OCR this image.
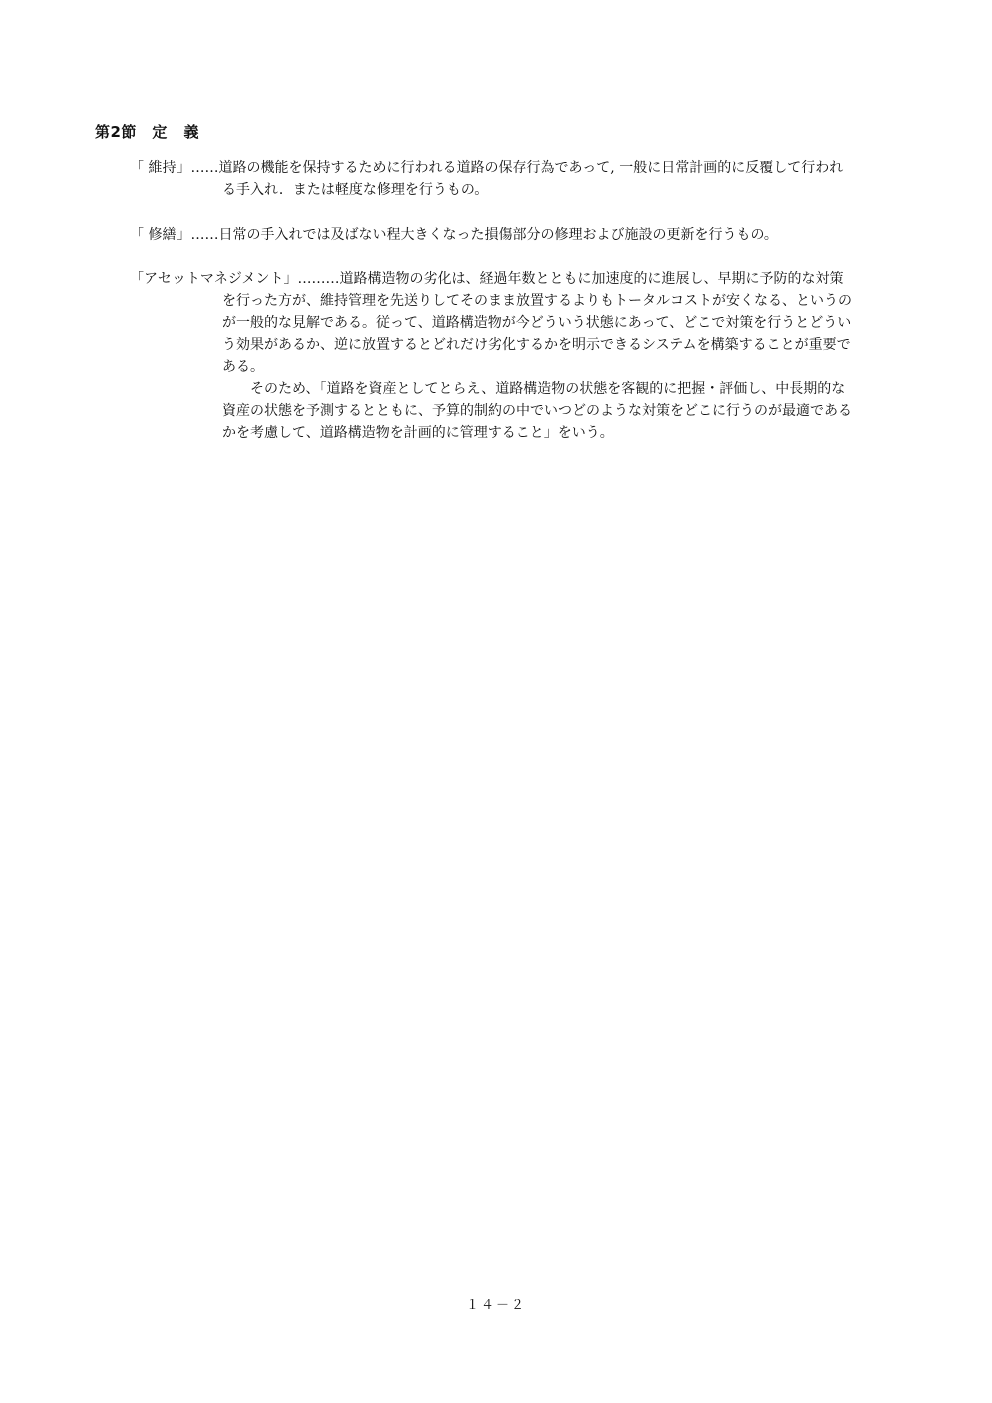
第2節　定　義
「 維持」……道路の機能を保持するために行われる道路の保存行為であって, 一般に日常計画的に反覆して行われ
る手入れ．または軽度な修理を行うもの。
「 修繕」……日常の手入れでは及ばない程大きくなった損傷部分の修理および施設の更新を行うもの。
「アセットマネジメント」………道路構造物の劣化は、経過年数とともに加速度的に進展し、早期に予防的な対策
を行った方が、維持管理を先送りしてそのまま放置するよりもトータルコストが安くなる、というの
が一般的な見解である。従って、道路構造物が今どういう状態にあって、どこで対策を行うとどうい
う効果があるか、逆に放置するとどれだけ劣化するかを明示できるシステムを構築することが重要で
ある。
そのため、「道路を資産としてとらえ、道路構造物の状態を客観的に把握・評価し、中長期的な
資産の状態を予測するとともに、予算的制約の中でいつどのような対策をどこに行うのが最適である
かを考慮して、道路構造物を計画的に管理すること」をいう。
１４－２
